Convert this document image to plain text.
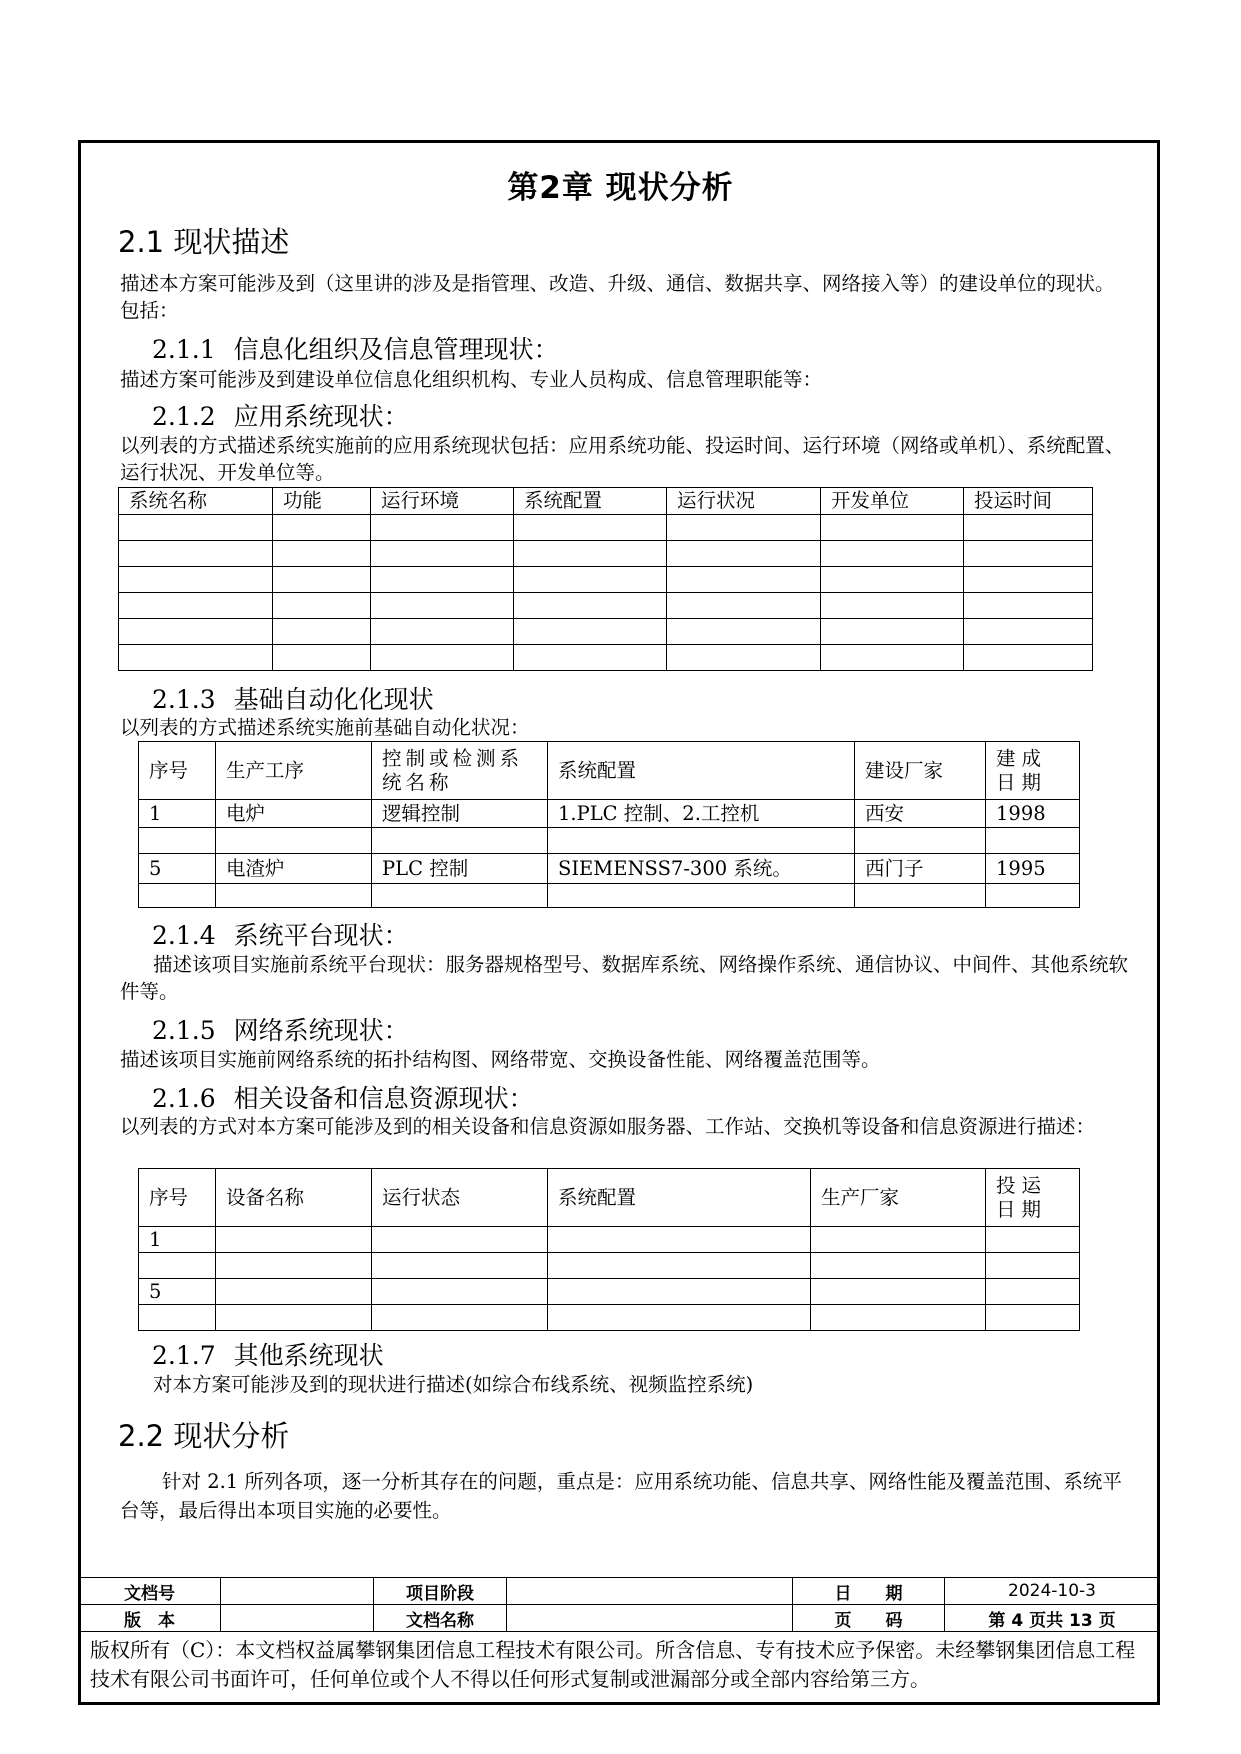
第2章 现状分析
2.1 现状描述
描述本方案可能涉及到（这里讲的涉及是指管理、改造、升级、通信、数据共享、网络接入等）的建设单位的现状。包括：
2.1.1 信息化组织及信息管理现状：
描述方案可能涉及到建设单位信息化组织机构、专业人员构成、信息管理职能等：
2.1.2 应用系统现状：
以列表的方式描述系统实施前的应用系统现状包括：应用系统功能、投运时间、运行环境（网络或单机）、系统配置、运行状况、开发单位等。
系统名称	功能	运行环境	系统配置	运行状况	开发单位	投运时间

2.1.3 基础自动化化现状
以列表的方式描述系统实施前基础自动化状况：
序号	生产工序	控制或检测系统名称	系统配置	建设厂家	建成日期
1	电炉	逻辑控制	1.PLC 控制、2.工控机	西安	1998

5	电渣炉	PLC 控制	SIEMENSS7-300 系统。	西门子	1995

2.1.4 系统平台现状：
描述该项目实施前系统平台现状：服务器规格型号、数据库系统、网络操作系统、通信协议、中间件、其他系统软件等。
2.1.5 网络系统现状：
描述该项目实施前网络系统的拓扑结构图、网络带宽、交换设备性能、网络覆盖范围等。
2.1.6 相关设备和信息资源现状：
以列表的方式对本方案可能涉及到的相关设备和信息资源如服务器、工作站、交换机等设备和信息资源进行描述：
序号	设备名称	运行状态	系统配置	生产厂家	投运日期
1					

5					

2.1.7 其他系统现状
对本方案可能涉及到的现状进行描述(如综合布线系统、视频监控系统)
2.2 现状分析
针对 2.1 所列各项，逐一分析其存在的问题，重点是：应用系统功能、信息共享、网络性能及覆盖范围、系统平台等，最后得出本项目实施的必要性。
文档号		项目阶段		日　　期	2024-10-3
版　本		文档名称		页　　码	第 4 页共 13 页
版权所有（C）：本文档权益属攀钢集团信息工程技术有限公司。所含信息、专有技术应予保密。未经攀钢集团信息工程技术有限公司书面许可，任何单位或个人不得以任何形式复制或泄漏部分或全部内容给第三方。
